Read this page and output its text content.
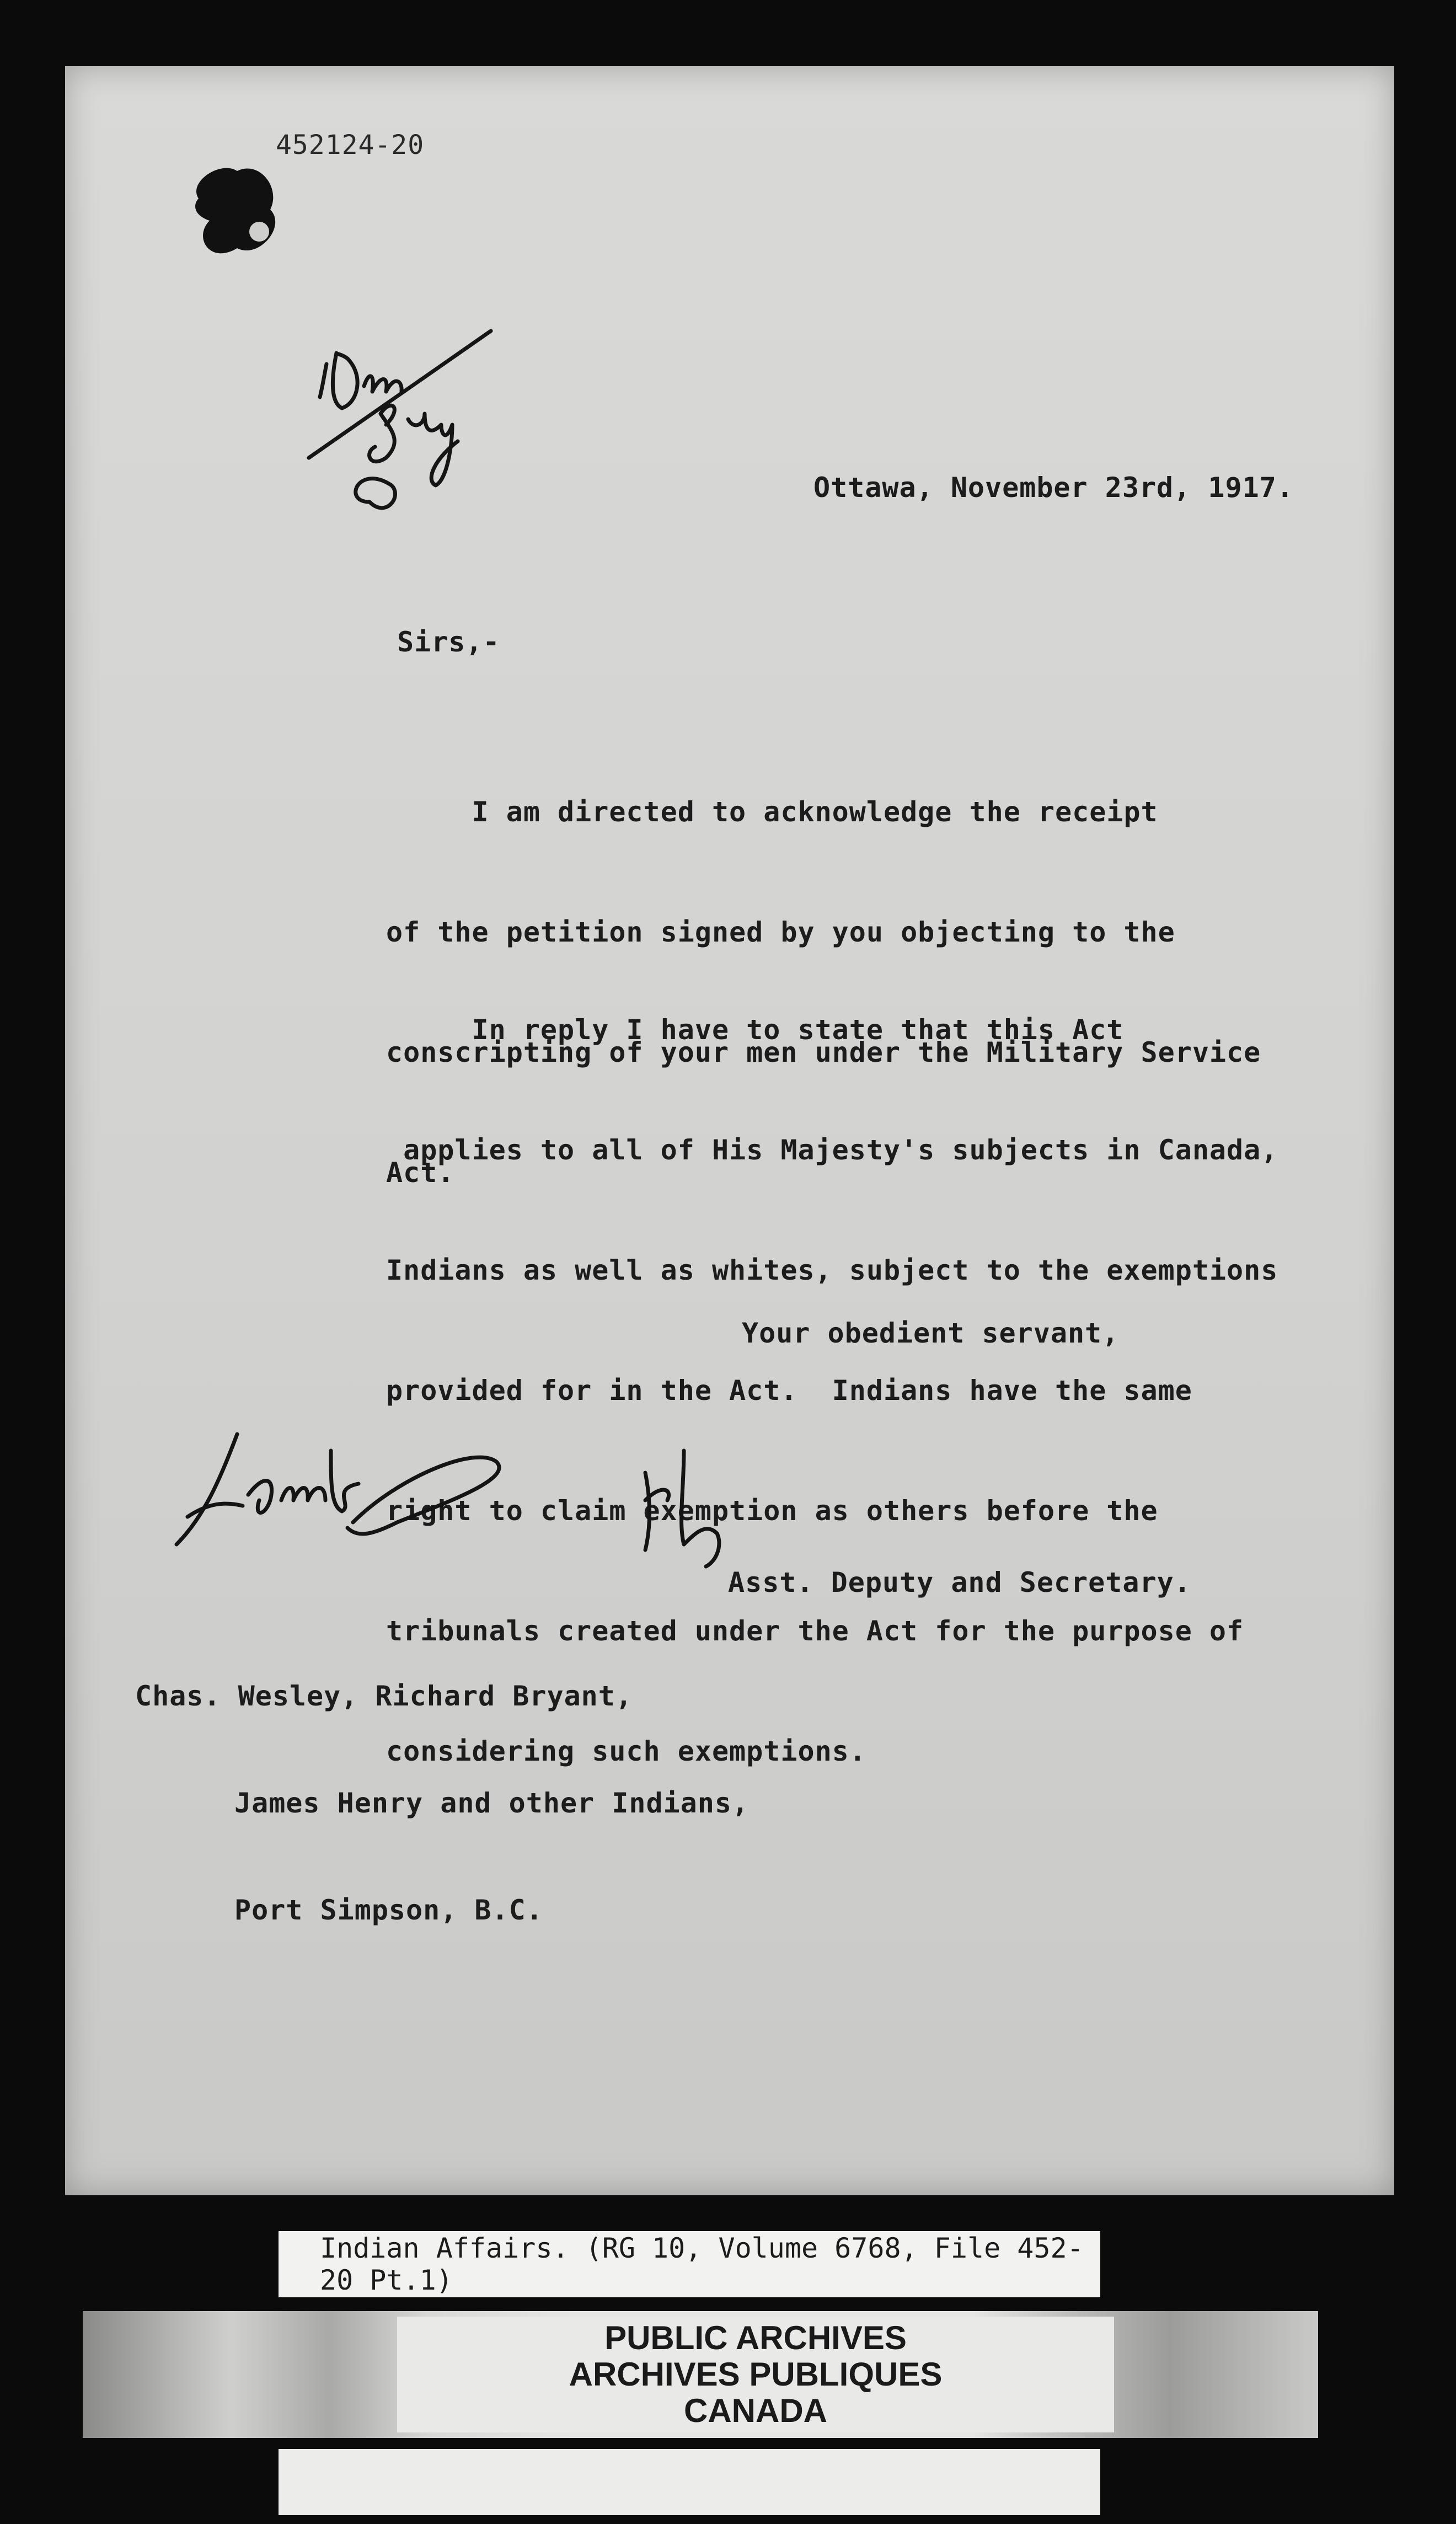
452124-20
Ottawa, November 23rd, 1917.
Sirs,-

I am directed to acknowledge the receipt

of the petition signed by you objecting to the

conscripting of your men under the Military Service

Act.

In reply I have to state that this Act

applies to all of His Majesty's subjects in Canada,

Indians as well as whites, subject to the exemptions

provided for in the Act.  Indians have the same

right to claim exemption as others before the

tribunals created under the Act for the purpose of

considering such exemptions.

Your obedient servant,
Asst. Deputy and Secretary.

Chas. Wesley, Richard Bryant,

James Henry and other Indians,

Port Simpson, B.C.

Indian Affairs. (RG 10, Volume 6768, File 452-20 Pt.1)
PUBLIC ARCHIVES
ARCHIVES PUBLIQUES
CANADA
